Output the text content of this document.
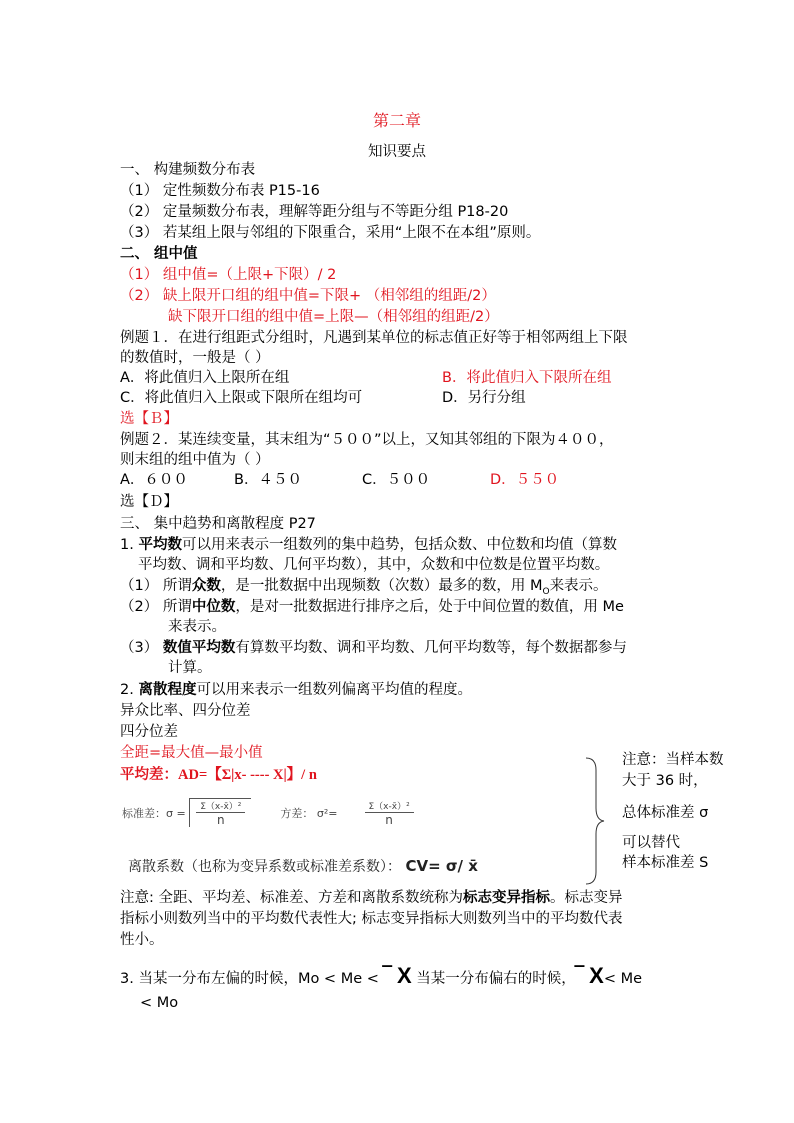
第二章
知识要点
一、 构建频数分布表
（1） 定性频数分布表 P15-16
（2） 定量频数分布表，理解等距分组与不等距分组 P18-20
（3） 若某组上限与邻组的下限重合，采用“上限不在本组”原则。
二、 组中值
（1） 组中值=（上限+下限）/ 2
（2） 缺上限开口组的组中值=下限+ （相邻组的组距/2）
缺下限开口组的组中值=上限—（相邻组的组距/2）
例题１．在进行组距式分组时，凡遇到某单位的标志值正好等于相邻两组上下限
的数值时，一般是（ ）
A．将此值归入上限所在组	B．将此值归入下限所在组
C．将此值归入上限或下限所在组均可	D．另行分组
选【Ｂ】
例题２．某连续变量，其末组为“５００”以上，又知其邻组的下限为４００，
则末组的组中值为（ ）
A．６００	B．４５０	C．５００	D．５５０
选【Ｄ】
三、 集中趋势和离散程度 P27
1. 平均数可以用来表示一组数列的集中趋势，包括众数、中位数和均值（算数
平均数、调和平均数、几何平均数），其中，众数和中位数是位置平均数。
（1） 所谓众数，是一批数据中出现频数（次数）最多的数，用 $M_O$来表示。
（2） 所谓中位数，是对一批数据进行排序之后，处于中间位置的数值，用 Me
来表示。
（3） 数值平均数有算数平均数、调和平均数、几何平均数等，每个数据都参与
计算。
2. 离散程度可以用来表示一组数列偏离平均值的程度。
异众比率、四分位差
四分位差
全距=最大值—最小值
平均差：AD=【Σ|x- ---- X|】/ n
标准差：$\sigma = \frac{\text{Σ（x-x̄）²}}{n}$	方差： σ²=	$\frac{\text{Σ（x-x̄）²}}{n}$
离散系数（也称为变异系数或标准差系数）： CV= σ/ x̄
注意：当样本数
大于 36 时，
总体标准差 σ
可以替代
样本标准差 S
注意: 全距、平均差、标准差、方差和离散系数统称为标志变异指标。标志变异
指标小则数列当中的平均数代表性大; 标志变异指标大则数列当中的平均数代表
性小。
3. 当某一分布左偏的时候，Mo < Me < ‾ X 当某一分布偏右的时候，‾ X< Me
< Mo
